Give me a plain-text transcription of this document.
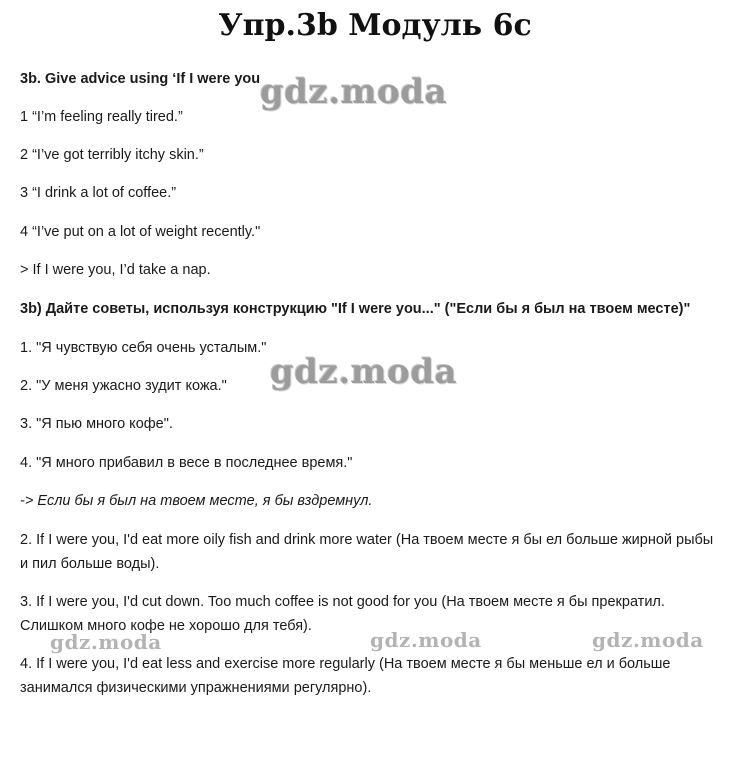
Упр.3b Модуль 6с
3b. Give advice using ‘If I were you
1 “I’m feeling really tired.”
2 “I’ve got terribly itchy skin.”
3 “I drink a lot of coffee.”
4 “I’ve put on a lot of weight recently."
> If I were you, I’d take a nap.
3b) Дайте советы, используя конструкцию "If I were you..." ("Если бы я был на твоем месте)"
1. "Я чувствую себя очень усталым."
2. "У меня ужасно зудит кожа."
3. "Я пью много кофе".
4. "Я много прибавил в весе в последнее время."
-> Если бы я был на твоем месте, я бы вздремнул.
2. If I were you, I'd eat more oily fish and drink more water (На твоем месте я бы ел больше жирной рыбы и пил больше воды).
3. If I were you, I'd cut down. Too much coffee is not good for you (На твоем месте я бы прекратил. Слишком много кофе не хорошо для тебя).
4. If I were you, I'd eat less and exercise more regularly (На твоем месте я бы меньше ел и больше занимался физическими упражнениями регулярно).
gdz.moda
gdz.moda
gdz.moda	gdz.moda	gdz.moda
